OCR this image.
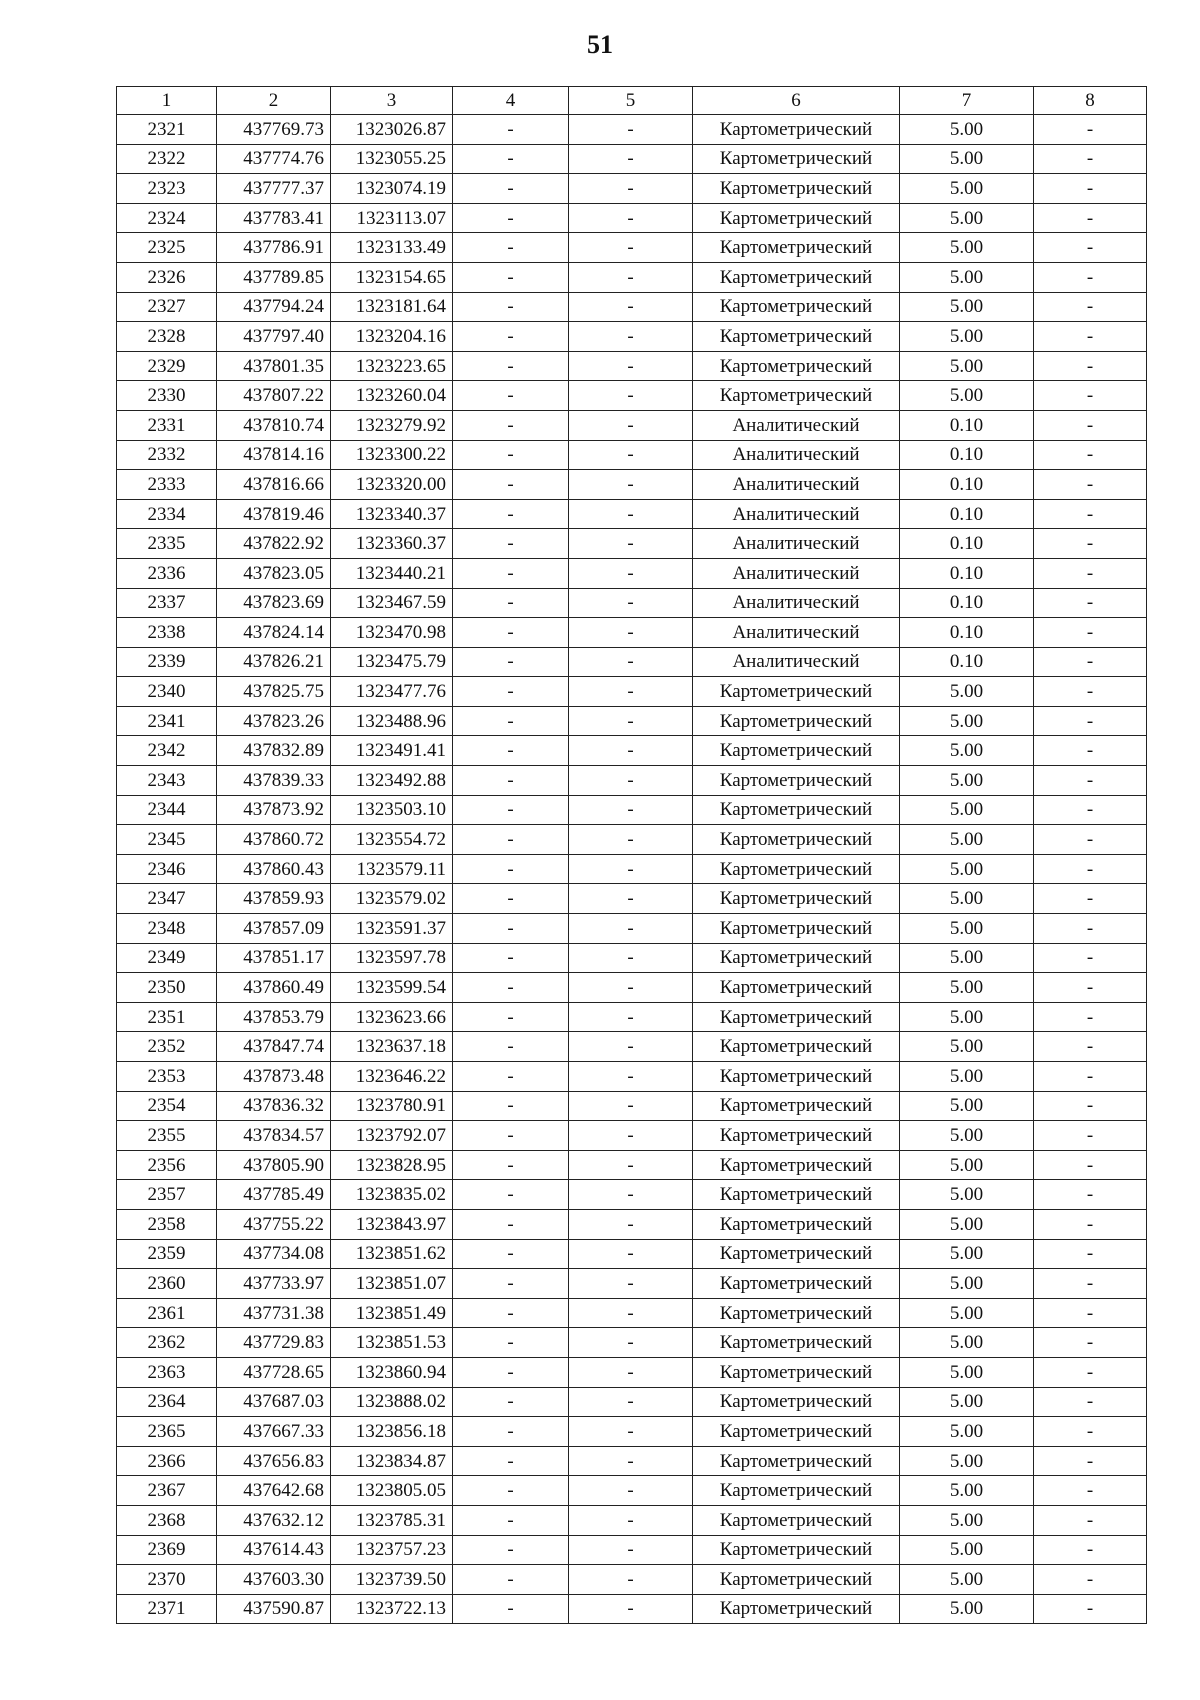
51
1	2	3	4	5	6	7	8
2321	437769.73	1323026.87	-	-	Картометрический	5.00	-
2322	437774.76	1323055.25	-	-	Картометрический	5.00	-
2323	437777.37	1323074.19	-	-	Картометрический	5.00	-
2324	437783.41	1323113.07	-	-	Картометрический	5.00	-
2325	437786.91	1323133.49	-	-	Картометрический	5.00	-
2326	437789.85	1323154.65	-	-	Картометрический	5.00	-
2327	437794.24	1323181.64	-	-	Картометрический	5.00	-
2328	437797.40	1323204.16	-	-	Картометрический	5.00	-
2329	437801.35	1323223.65	-	-	Картометрический	5.00	-
2330	437807.22	1323260.04	-	-	Картометрический	5.00	-
2331	437810.74	1323279.92	-	-	Аналитический	0.10	-
2332	437814.16	1323300.22	-	-	Аналитический	0.10	-
2333	437816.66	1323320.00	-	-	Аналитический	0.10	-
2334	437819.46	1323340.37	-	-	Аналитический	0.10	-
2335	437822.92	1323360.37	-	-	Аналитический	0.10	-
2336	437823.05	1323440.21	-	-	Аналитический	0.10	-
2337	437823.69	1323467.59	-	-	Аналитический	0.10	-
2338	437824.14	1323470.98	-	-	Аналитический	0.10	-
2339	437826.21	1323475.79	-	-	Аналитический	0.10	-
2340	437825.75	1323477.76	-	-	Картометрический	5.00	-
2341	437823.26	1323488.96	-	-	Картометрический	5.00	-
2342	437832.89	1323491.41	-	-	Картометрический	5.00	-
2343	437839.33	1323492.88	-	-	Картометрический	5.00	-
2344	437873.92	1323503.10	-	-	Картометрический	5.00	-
2345	437860.72	1323554.72	-	-	Картометрический	5.00	-
2346	437860.43	1323579.11	-	-	Картометрический	5.00	-
2347	437859.93	1323579.02	-	-	Картометрический	5.00	-
2348	437857.09	1323591.37	-	-	Картометрический	5.00	-
2349	437851.17	1323597.78	-	-	Картометрический	5.00	-
2350	437860.49	1323599.54	-	-	Картометрический	5.00	-
2351	437853.79	1323623.66	-	-	Картометрический	5.00	-
2352	437847.74	1323637.18	-	-	Картометрический	5.00	-
2353	437873.48	1323646.22	-	-	Картометрический	5.00	-
2354	437836.32	1323780.91	-	-	Картометрический	5.00	-
2355	437834.57	1323792.07	-	-	Картометрический	5.00	-
2356	437805.90	1323828.95	-	-	Картометрический	5.00	-
2357	437785.49	1323835.02	-	-	Картометрический	5.00	-
2358	437755.22	1323843.97	-	-	Картометрический	5.00	-
2359	437734.08	1323851.62	-	-	Картометрический	5.00	-
2360	437733.97	1323851.07	-	-	Картометрический	5.00	-
2361	437731.38	1323851.49	-	-	Картометрический	5.00	-
2362	437729.83	1323851.53	-	-	Картометрический	5.00	-
2363	437728.65	1323860.94	-	-	Картометрический	5.00	-
2364	437687.03	1323888.02	-	-	Картометрический	5.00	-
2365	437667.33	1323856.18	-	-	Картометрический	5.00	-
2366	437656.83	1323834.87	-	-	Картометрический	5.00	-
2367	437642.68	1323805.05	-	-	Картометрический	5.00	-
2368	437632.12	1323785.31	-	-	Картометрический	5.00	-
2369	437614.43	1323757.23	-	-	Картометрический	5.00	-
2370	437603.30	1323739.50	-	-	Картометрический	5.00	-
2371	437590.87	1323722.13	-	-	Картометрический	5.00	-
